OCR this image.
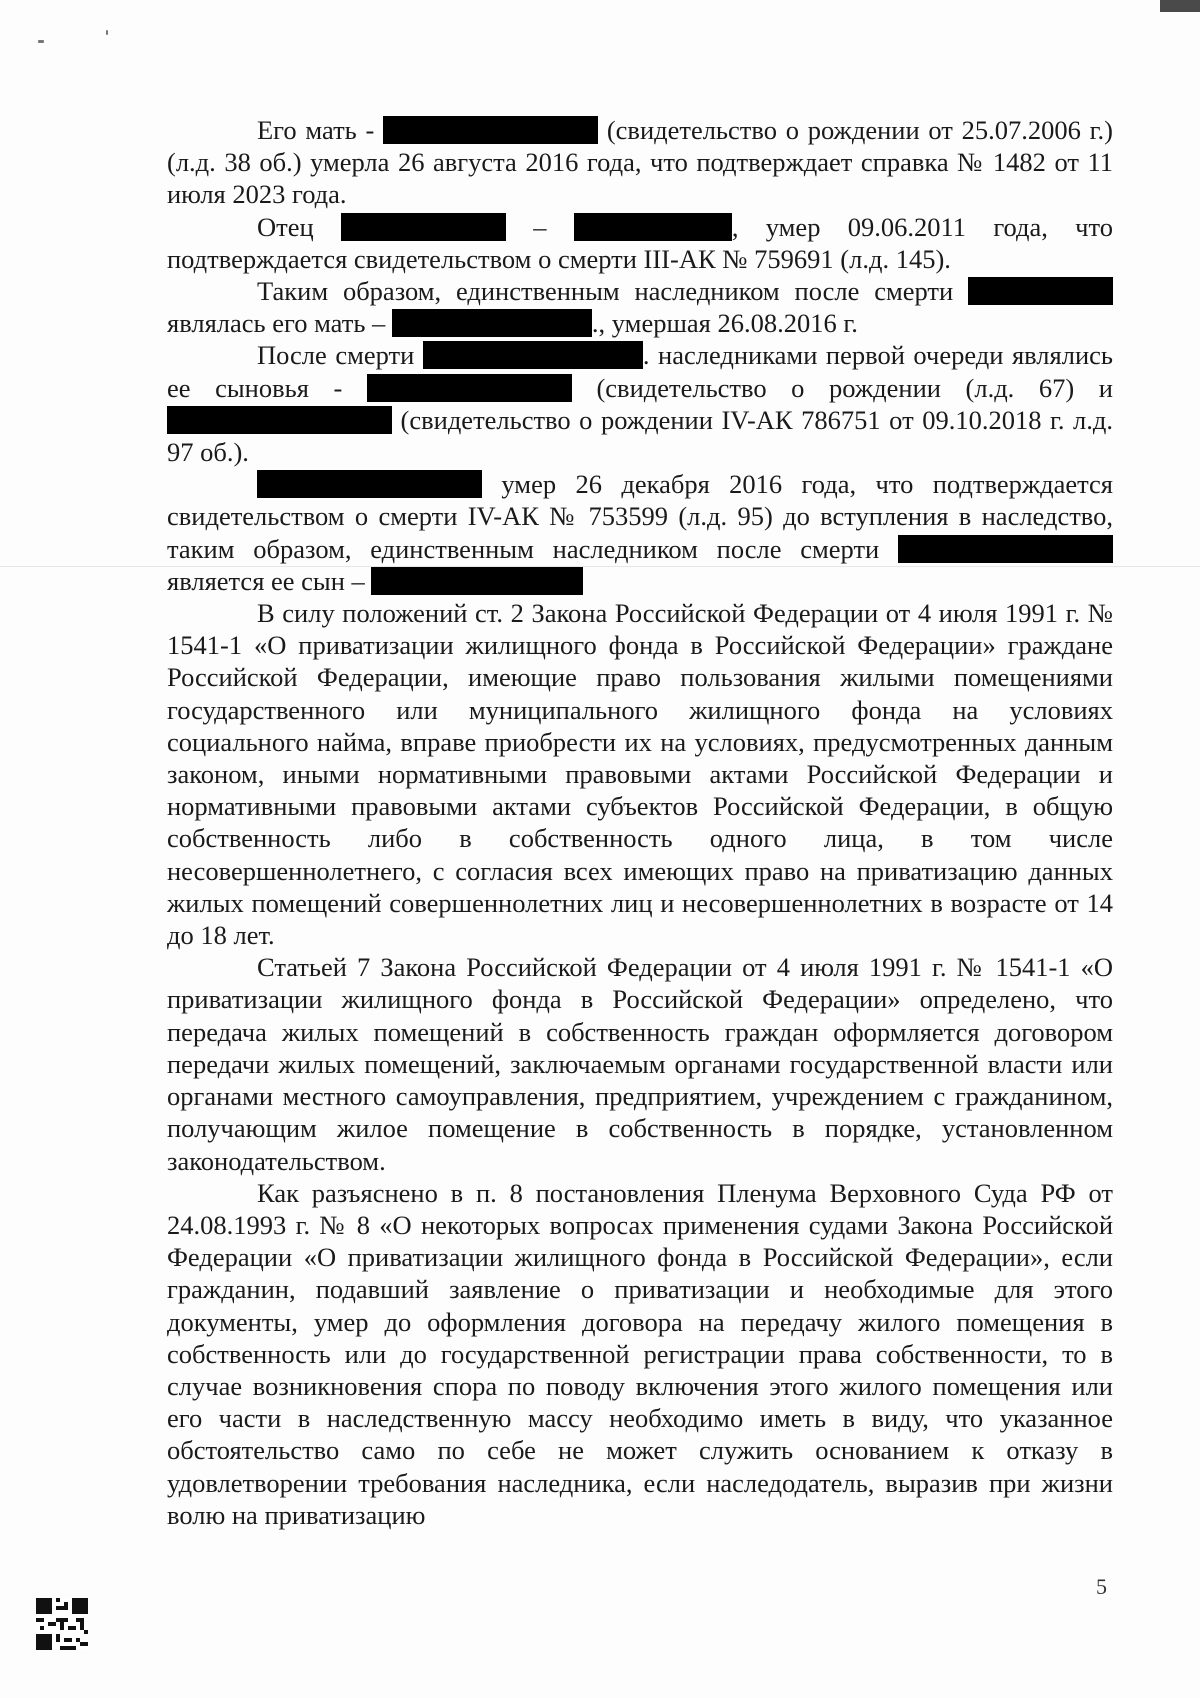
Его мать -	(свидетельство о рождении от 25.07.2006 г.) (л.д. 38 об.) умерла 26 августа 2016 года, что подтверждает справка № 1482 от 11 июля 2023 года.

Отец	–	, умер 09.06.2011 года, что подтверждается свидетельством о смерти III-АК № 759691 (л.д. 145).

Таким образом, единственным наследником после смерти  являлась его мать –	., умершая 26.08.2016 г.

После смерти	. наследниками первой очереди являлись ее сыновья -	(свидетельство о рождении (л.д. 67) и  (свидетельство о рождении IV-АК 786751 от 09.10.2018 г. л.д. 97 об.).

умер 26 декабря 2016 года, что подтверждается свидетельством о смерти IV-АК № 753599 (л.д. 95) до вступления в наследство, таким образом, единственным наследником после смерти  является ее сын –

В силу положений ст. 2 Закона Российской Федерации от 4 июля 1991 г. № 1541-1 «О приватизации жилищного фонда в Российской Федерации» граждане Российской Федерации, имеющие право пользования жилыми помещениями государственного или муниципального жилищного фонда на условиях социального найма, вправе приобрести их на условиях, предусмотренных данным законом, иными нормативными правовыми актами Российской Федерации и нормативными правовыми актами субъектов Российской Федерации, в общую собственность либо в собственность одного лица, в том числе несовершеннолетнего, с согласия всех имеющих право на приватизацию данных жилых помещений совершеннолетних лиц и несовершеннолетних в возрасте от 14 до 18 лет.

Статьей 7 Закона Российской Федерации от 4 июля 1991 г. № 1541-1 «О приватизации жилищного фонда в Российской Федерации» определено, что передача жилых помещений в собственность граждан оформляется договором передачи жилых помещений, заключаемым органами государственной власти или органами местного самоуправления, предприятием, учреждением с гражданином, получающим жилое помещение в собственность в порядке, установленном законодательством.

Как разъяснено в п. 8 постановления Пленума Верховного Суда РФ от 24.08.1993 г. № 8 «О некоторых вопросах применения судами Закона Российской Федерации «О приватизации жилищного фонда в Российской Федерации», если гражданин, подавший заявление о приватизации и необходимые для этого документы, умер до оформления договора на передачу жилого помещения в собственность или до государственной регистрации права собственности, то в случае возникновения спора по поводу включения этого жилого помещения или его части в наследственную массу необходимо иметь в виду, что указанное обстоятельство само по себе не может служить основанием к отказу в удовлетворении требования наследника, если наследодатель, выразив при жизни волю на приватизацию

5
